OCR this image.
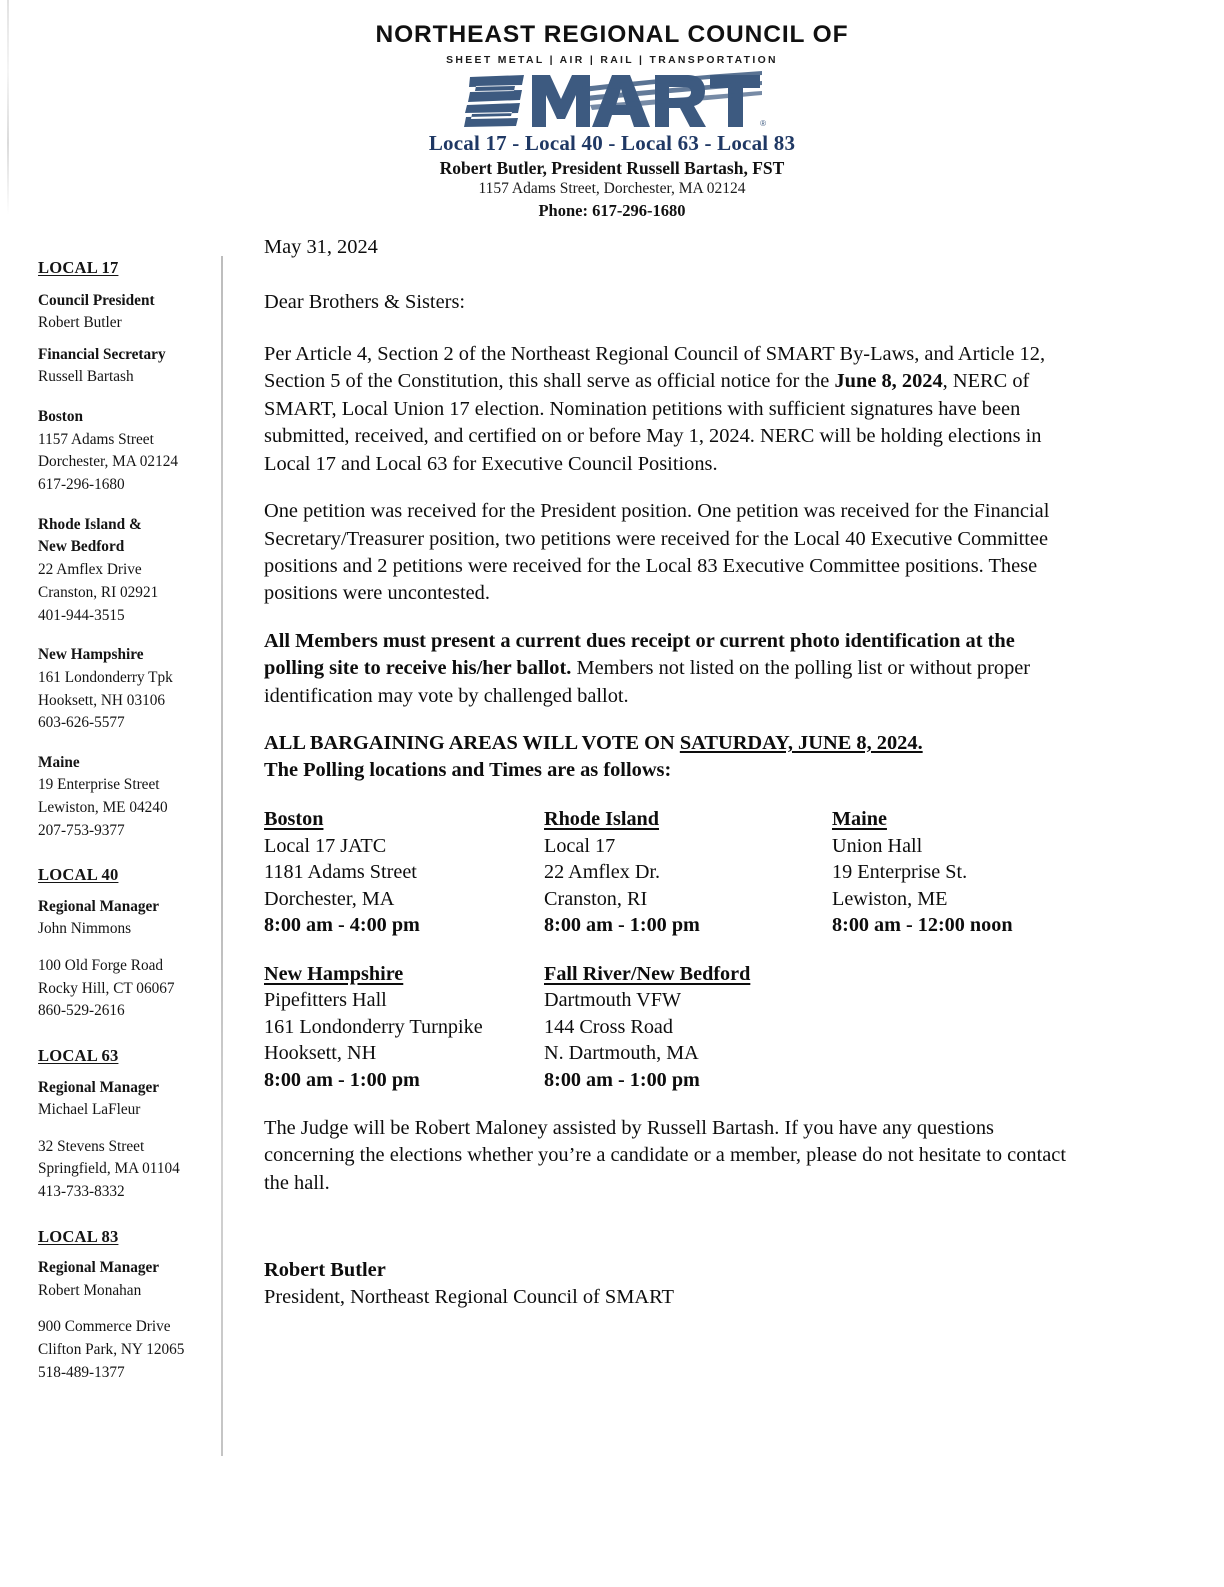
NORTHEAST REGIONAL COUNCIL OF
SHEET METAL | AIR | RAIL | TRANSPORTATION
®
Local 17 - Local 40 - Local 63 - Local 83
Robert Butler, President Russell Bartash, FST
1157 Adams Street, Dorchester, MA 02124
Phone: 617-296-1680
LOCAL 17
Council President
Robert Butler
Financial Secretary
Russell Bartash
Boston
1157 Adams Street
Dorchester, MA 02124
617-296-1680
Rhode Island &
New Bedford
22 Amflex Drive
Cranston, RI 02921
401-944-3515
New Hampshire
161 Londonderry Tpk
Hooksett, NH 03106
603-626-5577
Maine
19 Enterprise Street
Lewiston, ME 04240
207-753-9377
LOCAL 40
Regional Manager
John Nimmons
100 Old Forge Road
Rocky Hill, CT 06067
860-529-2616
LOCAL 63
Regional Manager
Michael LaFleur
32 Stevens Street
Springfield, MA 01104
413-733-8332
LOCAL 83
Regional Manager
Robert Monahan
900 Commerce Drive
Clifton Park, NY 12065
518-489-1377
May 31, 2024
Dear Brothers & Sisters:

Per Article 4, Section 2 of the Northeast Regional Council of SMART By-Laws, and Article 12, Section 5 of the Constitution, this shall serve as official notice for the June 8, 2024, NERC of SMART, Local Union 17 election. Nomination petitions with sufficient signatures have been submitted, received, and certified on or before May 1, 2024. NERC will be holding elections in Local 17 and Local 63 for Executive Council Positions.

One petition was received for the President position. One petition was received for the Financial Secretary/Treasurer position, two petitions were received for the Local 40 Executive Committee positions and 2 petitions were received for the Local 83 Executive Committee positions. These positions were uncontested.

All Members must present a current dues receipt or current photo identification at the polling site to receive his/her ballot. Members not listed on the polling list or without proper identification may vote by challenged ballot.

ALL BARGAINING AREAS WILL VOTE ON SATURDAY, JUNE 8, 2024.
The Polling locations and Times are as follows:
Boston
Local 17 JATC
1181 Adams Street
Dorchester, MA
8:00 am - 4:00 pm
Rhode Island
Local 17
22 Amflex Dr.
Cranston, RI
8:00 am - 1:00 pm
Maine
Union Hall
19 Enterprise St.
Lewiston, ME
8:00 am - 12:00 noon
New Hampshire
Pipefitters Hall
161 Londonderry Turnpike
Hooksett, NH
8:00 am - 1:00 pm
Fall River/New Bedford
Dartmouth VFW
144 Cross Road
N. Dartmouth, MA
8:00 am - 1:00 pm

The Judge will be Robert Maloney assisted by Russell Bartash. If you have any questions concerning the elections whether you’re a candidate or a member, please do not hesitate to contact the hall.

Robert Butler
President, Northeast Regional Council of SMART
